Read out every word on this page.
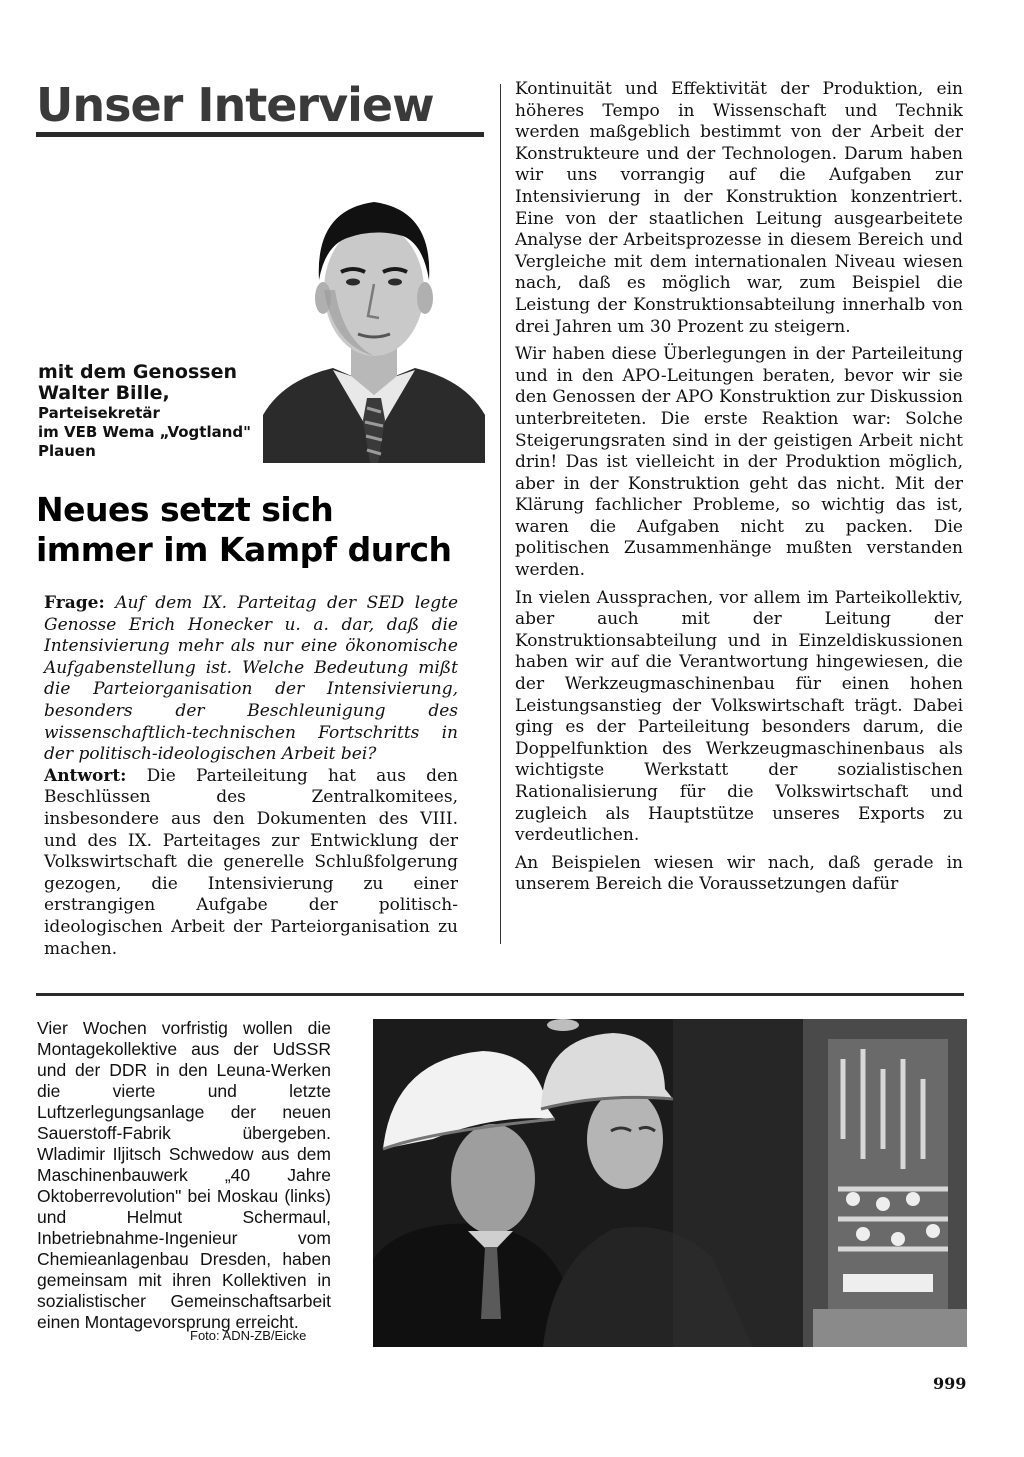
Unser Interview
mit dem Genossen
Walter Bille,
Parteisekretär
im VEB Wema „Vogtland"
Plauen
Neues setzt sich
immer im Kampf durch

Frage: Auf dem IX. Parteitag der SED legte Genosse Erich Honecker u. a. dar, daß die Intensivierung mehr als nur eine ökonomische Aufgabenstellung ist. Welche Bedeutung mißt die Parteiorganisation der Intensivierung, besonders der Beschleunigung des wissenschaftlich-technischen Fortschritts in der politisch-ideologischen Arbeit bei?

Antwort: Die Parteileitung hat aus den Beschlüssen des Zentralkomitees, insbesondere aus den Dokumenten des VIII. und des IX. Parteitages zur Entwicklung der Volkswirtschaft die generelle Schlußfolgerung gezogen, die Intensivierung zu einer erstrangigen Aufgabe der politisch-ideologischen Arbeit der Parteiorganisation zu machen.

Kontinuität und Effektivität der Produktion, ein höheres Tempo in Wissenschaft und Technik werden maßgeblich bestimmt von der Arbeit der Konstrukteure und der Technologen. Darum haben wir uns vorrangig auf die Aufgaben zur Intensivierung in der Konstruktion konzentriert. Eine von der staatlichen Leitung ausgearbeitete Analyse der Arbeitsprozesse in diesem Bereich und Vergleiche mit dem internationalen Niveau wiesen nach, daß es möglich war, zum Beispiel die Leistung der Konstruktionsabteilung innerhalb von drei Jahren um 30 Prozent zu steigern.

Wir haben diese Überlegungen in der Parteileitung und in den APO-Leitungen beraten, bevor wir sie den Genossen der APO Konstruktion zur Diskussion unterbreiteten. Die erste Reaktion war: Solche Steigerungsraten sind in der geistigen Arbeit nicht drin! Das ist vielleicht in der Produktion möglich, aber in der Konstruktion geht das nicht. Mit der Klärung fachlicher Probleme, so wichtig das ist, waren die Aufgaben nicht zu packen. Die politischen Zusammenhänge mußten verstanden werden.

In vielen Aussprachen, vor allem im Parteikollektiv, aber auch mit der Leitung der Konstruktionsabteilung und in Einzeldiskussionen haben wir auf die Verantwortung hingewiesen, die der Werkzeugmaschinenbau für einen hohen Leistungsanstieg der Volkswirtschaft trägt. Dabei ging es der Parteileitung besonders darum, die Doppelfunktion des Werkzeugmaschinenbaus als wichtigste Werkstatt der sozialistischen Rationalisierung für die Volkswirtschaft und zugleich als Hauptstütze unseres Exports zu verdeutlichen.

An Beispielen wiesen wir nach, daß gerade in unserem Bereich die Voraussetzungen dafür

Vier Wochen vorfristig wollen die Montagekollektive aus der UdSSR und der DDR in den Leuna-Werken die vierte und letzte Luftzerlegungsanlage der neuen Sauerstoff-Fabrik übergeben. Wladimir Iljitsch Schwedow aus dem Maschinenbauwerk „40 Jahre Oktoberrevolution" bei Moskau (links) und Helmut Schermaul, Inbetriebnahme-Ingenieur vom Chemieanlagenbau Dresden, haben gemeinsam mit ihren Kollektiven in sozialistischer Gemeinschaftsarbeit einen Montagevorsprung erreicht.

Foto: ADN-ZB/Eicke
999
